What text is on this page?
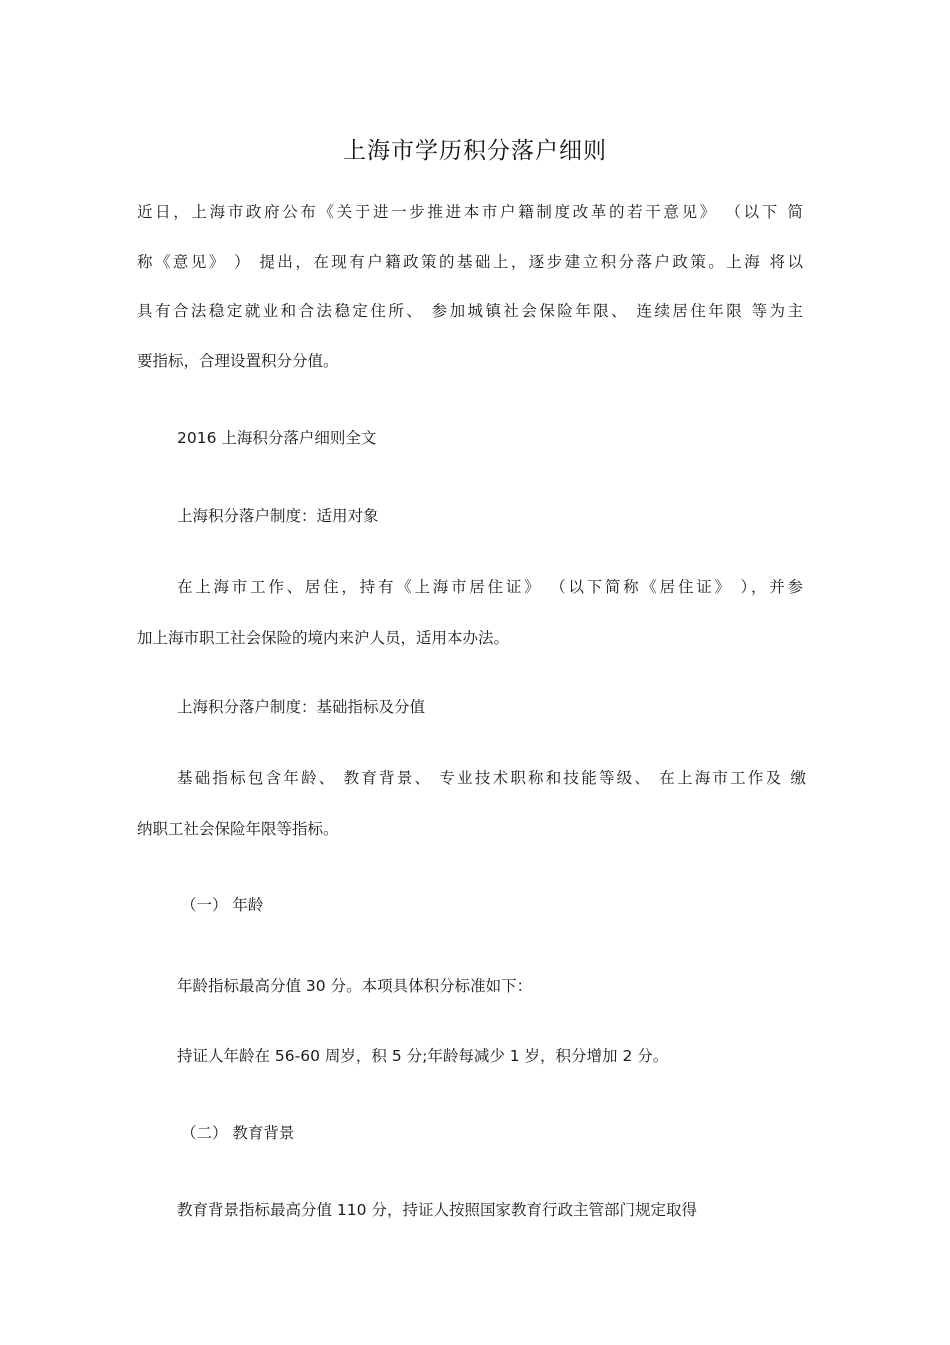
上海市学历积分落户细则
近日，上海市政府公布《关于进一步推进本市户籍制度改革的若干意见》 （以下 简
称《意见》 ） 提出，在现有户籍政策的基础上，逐步建立积分落户政策。上海 将以
具有合法稳定就业和合法稳定住所、 参加城镇社会保险年限、 连续居住年限 等为主
要指标，合理设置积分分值。
2016 上海积分落户细则全文
上海积分落户制度：适用对象
在上海市工作、居住，持有《上海市居住证》 （以下简称《居住证》 ），并参
加上海市职工社会保险的境内来沪人员，适用本办法。
上海积分落户制度：基础指标及分值
基础指标包含年龄、 教育背景、 专业技术职称和技能等级、 在上海市工作及 缴
纳职工社会保险年限等指标。
（一） 年龄
年龄指标最高分值 30 分。本项具体积分标准如下：
持证人年龄在 56-60 周岁，积 5 分;年龄每减少 1 岁，积分增加 2 分。
（二） 教育背景
教育背景指标最高分值 110 分，持证人按照国家教育行政主管部门规定取得
